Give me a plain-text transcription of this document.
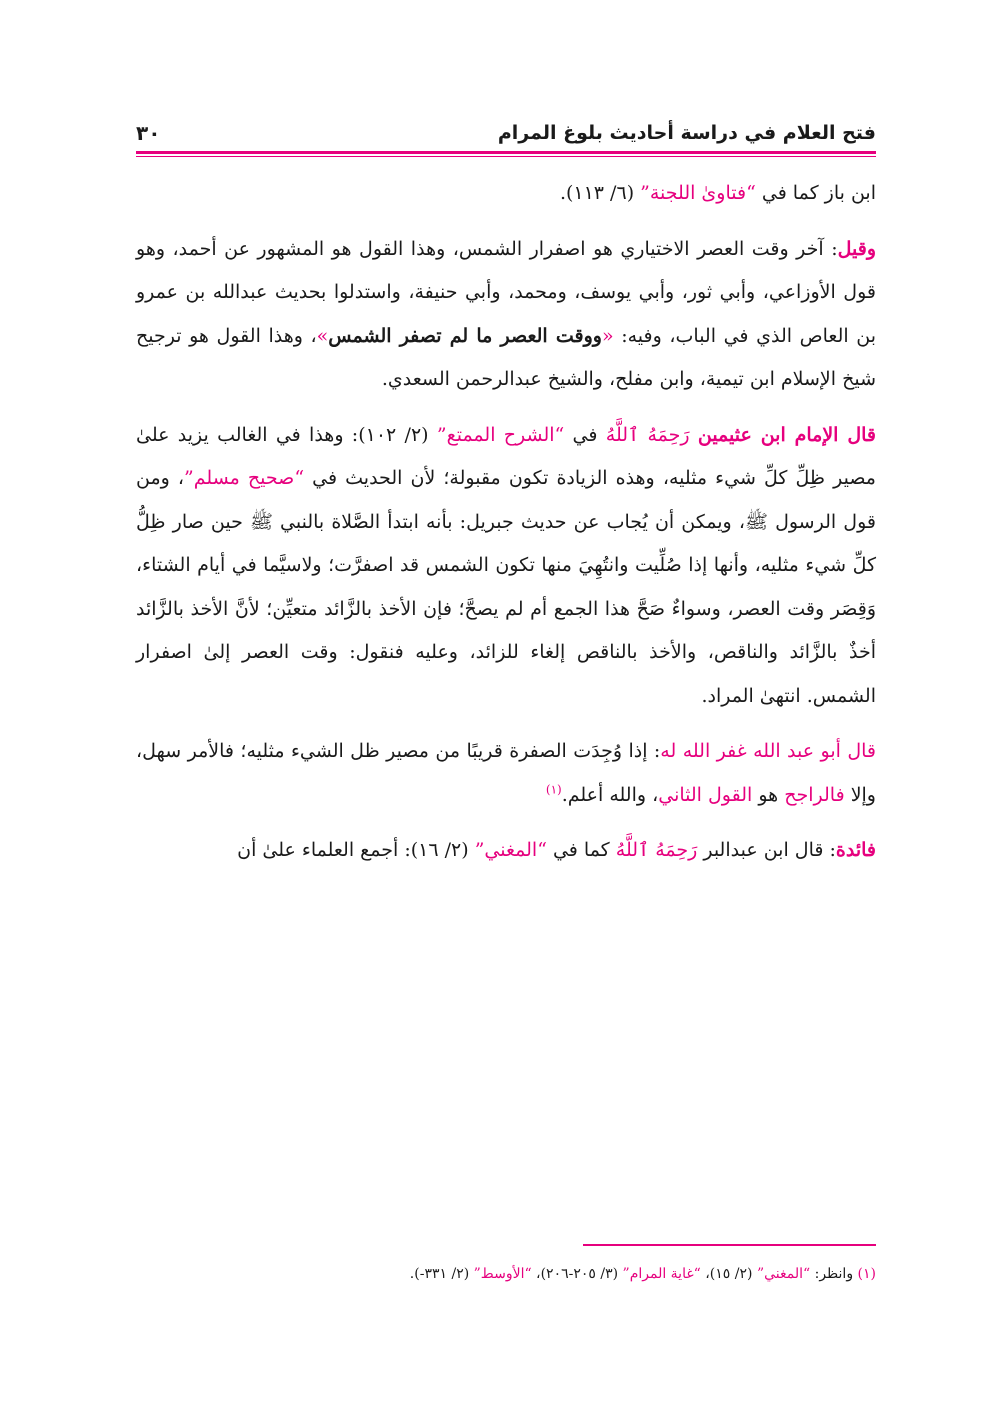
فتح العلام في دراسة أحاديث بلوغ المرام
٣٠

ابن باز كما في “فتاوىٰ اللجنة” (٦/ ١١٣).

وقيل: آخر وقت العصر الاختياري هو اصفرار الشمس، وهذا القول هو المشهور عن أحمد، وهو قول الأوزاعي، وأبي ثور، وأبي يوسف، ومحمد، وأبي حنيفة، واستدلوا بحديث عبدالله بن عمرو بن العاص الذي في الباب، وفيه: «ووقت العصر ما لم تصفر الشمس»، وهذا القول هو ترجيح شيخ الإسلام ابن تيمية، وابن مفلح، والشيخ عبدالرحمن السعدي.

قال الإمام ابن عثيمين رَحِمَهُ ٱللَّهُ في “الشرح الممتع” (٢/ ١٠٢): وهذا في الغالب يزيد علىٰ مصير ظِلِّ كلِّ شيء مثليه، وهذه الزيادة تكون مقبولة؛ لأن الحديث في “صحيح مسلم”، ومن قول الرسول ﷺ، ويمكن أن يُجاب عن حديث جبريل: بأنه ابتدأ الصَّلاة بالنبي ﷺ حين صار ظِلُّ كلِّ شيء مثليه، وأنها إذا صُلِّيت وانتُهِيَ منها تكون الشمس قد اصفرَّت؛ ولاسيَّما في أيام الشتاء، وَقِصَر وقت العصر، وسواءٌ صَحَّ هذا الجمع أم لم يصحَّ؛ فإن الأخذ بالزَّائد متعيِّن؛ لأنَّ الأخذ بالزَّائد أخذٌ بالزَّائد والناقص، والأخذ بالناقص إلغاء للزائد، وعليه فنقول: وقت العصر إلىٰ اصفرار الشمس. انتهىٰ المراد.

قال أبو عبد الله غفر الله له: إذا وُجِدَت الصفرة قريبًا من مصير ظل الشيء مثليه؛ فالأمر سهل، وإلا فالراجح هو القول الثاني، والله أعلم.$^{(١)}$

فائدة: قال ابن عبدالبر رَحِمَهُ ٱللَّهُ كما في “المغني” (٢/ ١٦): أجمع العلماء علىٰ أن

(١) وانظر: “المغني” (٢/ ١٥)، “غاية المرام” (٣/ ٢٠٥-٢٠٦)، “الأوسط” (٢/ ٣٣١-).
